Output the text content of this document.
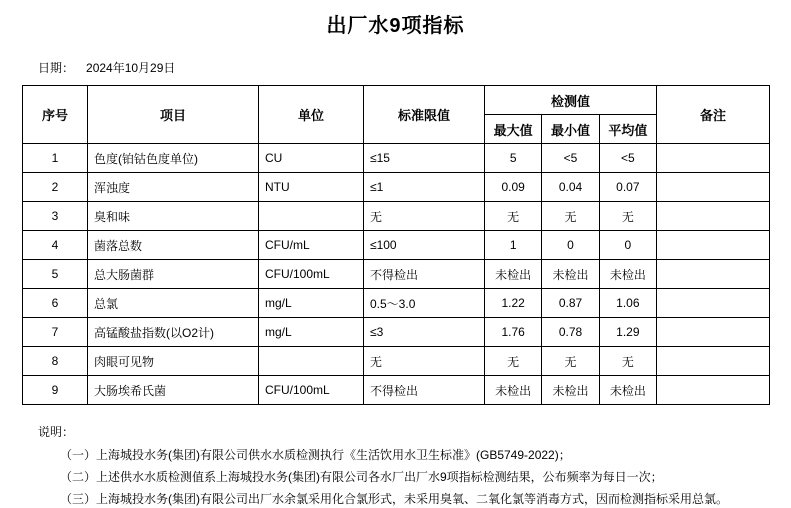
出厂水9项指标
日期： 2024年10月29日
序号	项目	单位	标准限值	检测值			备注
				最大值	最小值	平均值	
1	色度(铂钴色度单位)	CU	≤15	5	<5	<5	
2	浑浊度	NTU	≤1	0.09	0.04	0.07	
3	臭和味		无	无	无	无	
4	菌落总数	CFU/mL	≤100	1	0	0	
5	总大肠菌群	CFU/100mL	不得检出	未检出	未检出	未检出	
6	总氯	mg/L	0.5～3.0	1.22	0.87	1.06	
7	高锰酸盐指数(以O2计)	mg/L	≤3	1.76	0.78	1.29	
8	肉眼可见物		无	无	无	无	
9	大肠埃希氏菌	CFU/100mL	不得检出	未检出	未检出	未检出	
说明：
（一）上海城投水务(集团)有限公司供水水质检测执行《生活饮用水卫生标准》(GB5749-2022)；
（二）上述供水水质检测值系上海城投水务(集团)有限公司各水厂出厂水9项指标检测结果，公布频率为每日一次；
（三）上海城投水务(集团)有限公司出厂水余氯采用化合氯形式，未采用臭氧、二氧化氯等消毒方式，因而检测指标采用总氯。
